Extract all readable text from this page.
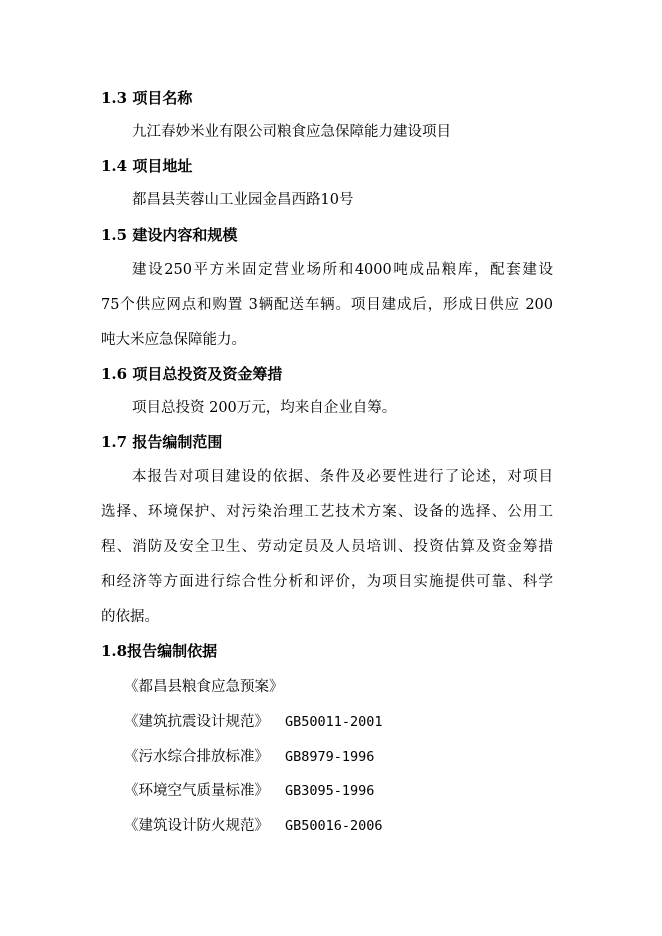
1.3 项目名称
九江春妙米业有限公司粮食应急保障能力建设项目
1.4 项目地址
都昌县芙蓉山工业园金昌西路10号
1.5 建设内容和规模
建设250平方米固定营业场所和4000吨成品粮库，配套建设
75个供应网点和购置 3辆配送车辆。项目建成后，形成日供应 200
吨大米应急保障能力。
1.6 项目总投资及资金筹措
项目总投资 200万元，均来自企业自筹。
1.7 报告编制范围
本报告对项目建设的依据、条件及必要性进行了论述，对项目
选择、环境保护、对污染治理工艺技术方案、设备的选择、公用工
程、消防及安全卫生、劳动定员及人员培训、投资估算及资金筹措
和经济等方面进行综合性分析和评价，为项目实施提供可靠、科学
的依据。
1.8报告编制依据
《都昌县粮食应急预案》
《建筑抗震设计规范》 GB50011-2001
《污水综合排放标准》 GB8979-1996
《环境空气质量标准》 GB3095-1996
《建筑设计防火规范》 GB50016-2006
